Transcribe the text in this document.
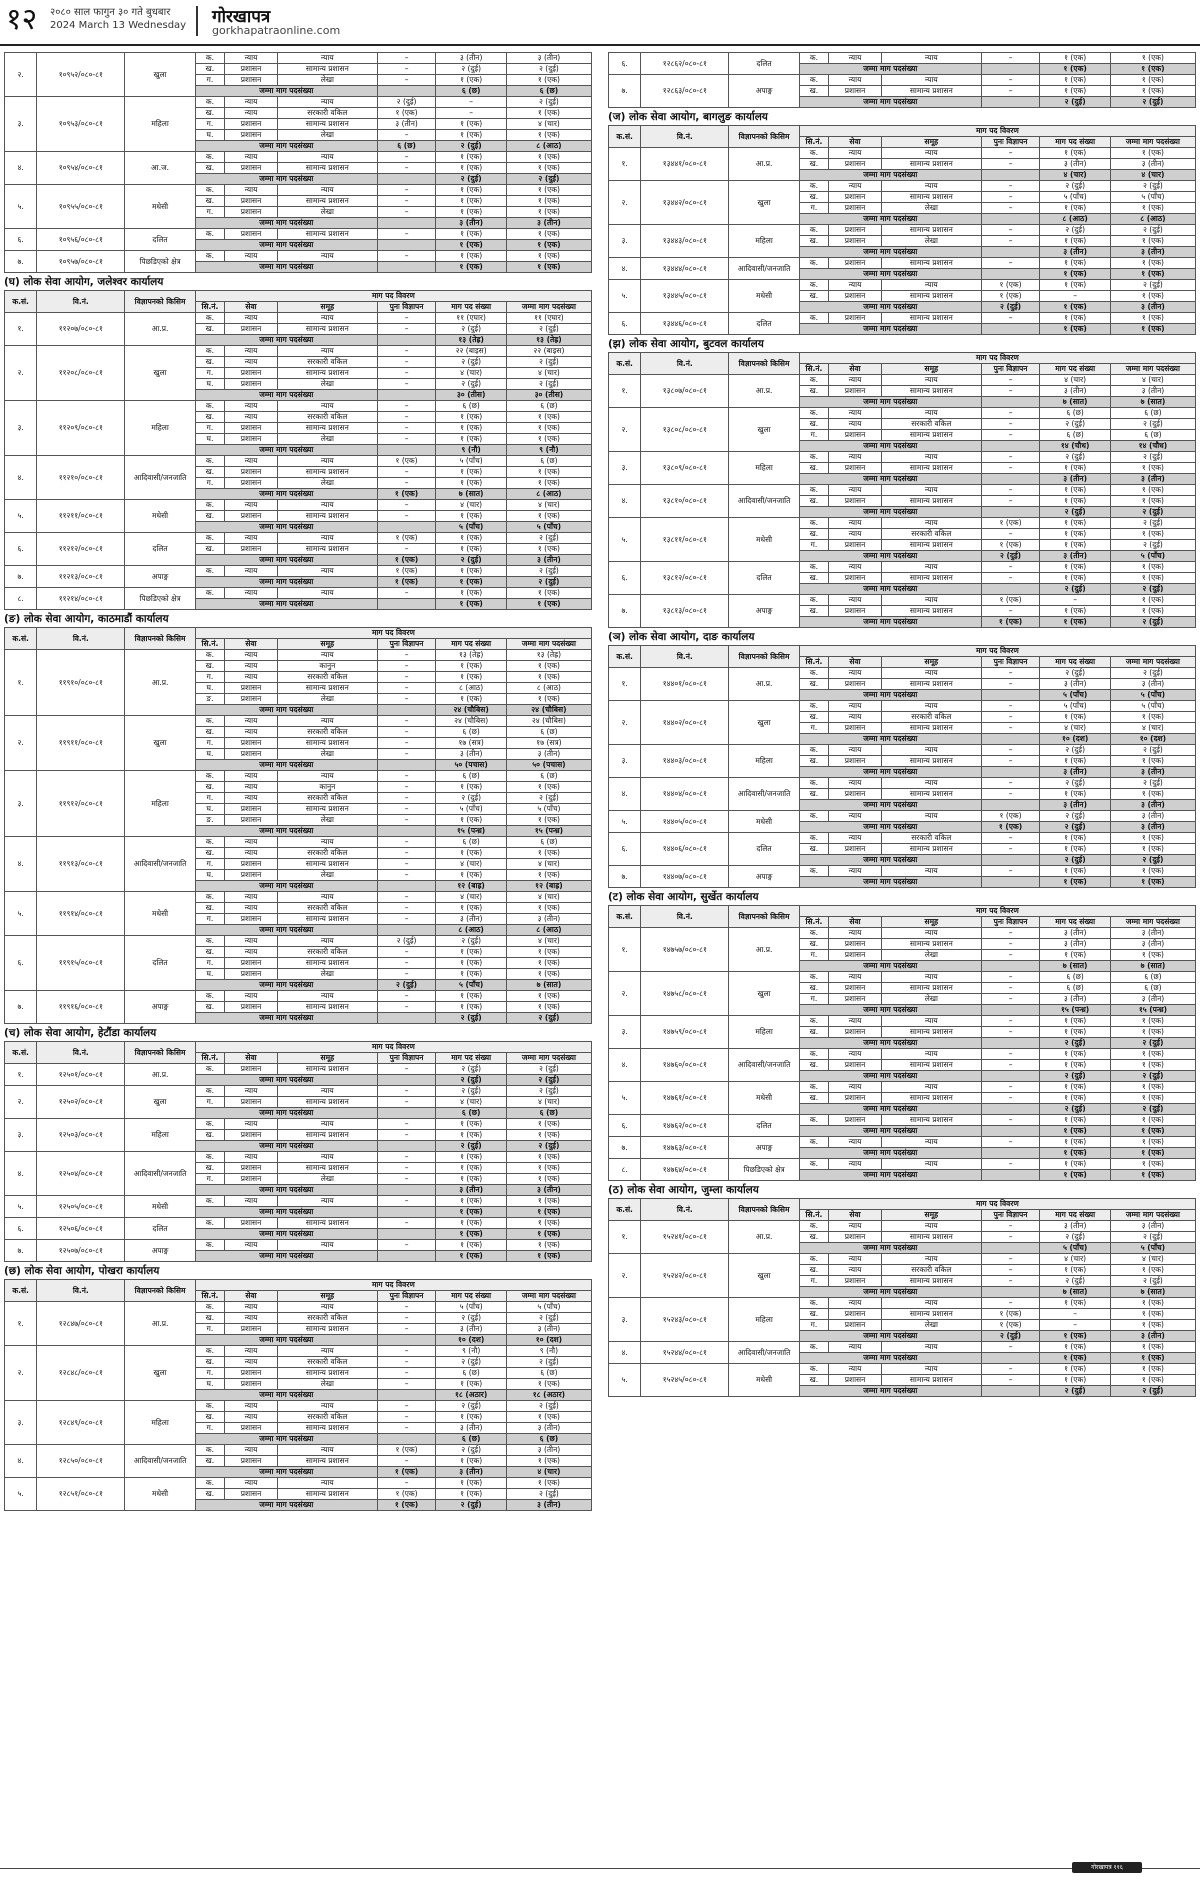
१२ २०८० साल फागुन ३० गते बुधबार
2024 March 13 Wednesday गोरखापत्र
gorkhapatraonline.com
२.	१०९५२/०८०-८१	खुला	क.	न्याय	न्याय	–	३ (तीन)	३ (तीन)
			ख.	प्रशासन	सामान्य प्रशासन	–	२ (दुई)	२ (दुई)
			ग.	प्रशासन	लेखा	–	१ (एक)	१ (एक)
			जम्मा माग पदसंख्या				६ (छ)	६ (छ)
३.	१०९५३/०८०-८१	महिला	क.	न्याय	न्याय	२ (दुई)	–	२ (दुई)
			ख.	न्याय	सरकारी वकिल	१ (एक)	–	१ (एक)
			ग.	प्रशासन	सामान्य प्रशासन	३ (तीन)	१ (एक)	४ (चार)
			घ.	प्रशासन	लेखा	–	१ (एक)	१ (एक)
			जम्मा माग पदसंख्या			६ (छ)	२ (दुई)	८ (आठ)
४.	१०९५४/०८०-८१	आ.ज.	क.	न्याय	न्याय	–	१ (एक)	१ (एक)
			ख.	प्रशासन	सामान्य प्रशासन	–	१ (एक)	१ (एक)
			जम्मा माग पदसंख्या				२ (दुई)	२ (दुई)
५.	१०९५५/०८०-८१	मधेसी	क.	न्याय	न्याय	–	१ (एक)	१ (एक)
			ख.	प्रशासन	सामान्य प्रशासन	–	१ (एक)	१ (एक)
			ग.	प्रशासन	लेखा	–	१ (एक)	१ (एक)
			जम्मा माग पदसंख्या				३ (तीन)	३ (तीन)
६.	१०९५६/०८०-८१	दलित	क.	प्रशासन	सामान्य प्रशासन	–	१ (एक)	१ (एक)
			जम्मा माग पदसंख्या				१ (एक)	१ (एक)
७.	१०९५७/०८०-८१	पिछडिएको क्षेत्र	क.	न्याय	न्याय	–	१ (एक)	१ (एक)
			जम्मा माग पदसंख्या				१ (एक)	१ (एक)
(घ) लोक सेवा आयोग, जलेश्वर कार्यालय
क.सं.	वि.नं.	विज्ञापनको किसिम	माग पद विवरण					
			सि.नं.	सेवा	समूह	पुनः विज्ञापन	माग पद संख्या	जम्मा माग पदसंख्या
१.	११२०७/०८०-८१	आ.प्र.	क.	न्याय	न्याय	–	११ (एघार)	११ (एघार)
			ख.	प्रशासन	सामान्य प्रशासन	–	२ (दुई)	२ (दुई)
			जम्मा माग पदसंख्या				१३ (तेह्र)	१३ (तेह्र)
२.	११२०८/०८०-८१	खुला	क.	न्याय	न्याय	–	२२ (बाइस)	२२ (बाइस)
			ख.	न्याय	सरकारी वकिल	–	२ (दुई)	२ (दुई)
			ग.	प्रशासन	सामान्य प्रशासन	–	४ (चार)	४ (चार)
			घ.	प्रशासन	लेखा	–	२ (दुई)	२ (दुई)
			जम्मा माग पदसंख्या				३० (तीस)	३० (तीस)
३.	११२०९/०८०-८१	महिला	क.	न्याय	न्याय	–	६ (छ)	६ (छ)
			ख.	न्याय	सरकारी वकिल	–	१ (एक)	१ (एक)
			ग.	प्रशासन	सामान्य प्रशासन	–	१ (एक)	१ (एक)
			घ.	प्रशासन	लेखा	–	१ (एक)	१ (एक)
			जम्मा माग पदसंख्या				९ (नौ)	९ (नौ)
४.	११२१०/०८०-८१	आदिवासी/जनजाति	क.	न्याय	न्याय	१ (एक)	५ (पाँच)	६ (छ)
			ख.	प्रशासन	सामान्य प्रशासन	–	१ (एक)	१ (एक)
			ग.	प्रशासन	लेखा	–	१ (एक)	१ (एक)
			जम्मा माग पदसंख्या			१ (एक)	७ (सात)	८ (आठ)
५.	११२११/०८०-८१	मधेसी	क.	न्याय	न्याय	–	४ (चार)	४ (चार)
			ख.	प्रशासन	सामान्य प्रशासन	–	१ (एक)	१ (एक)
			जम्मा माग पदसंख्या				५ (पाँच)	५ (पाँच)
६.	११२१२/०८०-८१	दलित	क.	न्याय	न्याय	१ (एक)	१ (एक)	२ (दुई)
			ख.	प्रशासन	सामान्य प्रशासन	–	१ (एक)	१ (एक)
			जम्मा माग पदसंख्या			१ (एक)	२ (दुई)	३ (तीन)
७.	११२१३/०८०-८१	अपाङ्ग	क.	न्याय	न्याय	१ (एक)	१ (एक)	२ (दुई)
			जम्मा माग पदसंख्या			१ (एक)	१ (एक)	२ (दुई)
८.	११२१४/०८०-८१	पिछडिएको क्षेत्र	क.	न्याय	न्याय	–	१ (एक)	१ (एक)
			जम्मा माग पदसंख्या				१ (एक)	१ (एक)
(ङ) लोक सेवा आयोग, काठमाडौं कार्यालय
क.सं.	वि.नं.	विज्ञापनको किसिम	माग पद विवरण					
			सि.नं.	सेवा	समूह	पुनः विज्ञापन	माग पद संख्या	जम्मा माग पदसंख्या
१.	११९१०/०८०-८१	आ.प्र.	क.	न्याय	न्याय	–	१३ (तेह्र)	१३ (तेह्र)
			ख.	न्याय	कानुन	–	१ (एक)	१ (एक)
			ग.	न्याय	सरकारी वकिल	–	१ (एक)	१ (एक)
			घ.	प्रशासन	सामान्य प्रशासन	–	८ (आठ)	८ (आठ)
			ङ.	प्रशासन	लेखा	–	१ (एक)	१ (एक)
			जम्मा माग पदसंख्या				२४ (चौबिस)	२४ (चौबिस)
२.	११९११/०८०-८१	खुला	क.	न्याय	न्याय	–	२४ (चौबिस)	२४ (चौबिस)
			ख.	न्याय	सरकारी वकिल	–	६ (छ)	६ (छ)
			ग.	प्रशासन	सामान्य प्रशासन	–	१७ (सत्र)	१७ (सत्र)
			घ.	प्रशासन	लेखा	–	३ (तीन)	३ (तीन)
			जम्मा माग पदसंख्या				५० (पचास)	५० (पचास)
३.	११९१२/०८०-८१	महिला	क.	न्याय	न्याय	–	६ (छ)	६ (छ)
			ख.	न्याय	कानुन	–	१ (एक)	१ (एक)
			ग.	न्याय	सरकारी वकिल	–	२ (दुई)	२ (दुई)
			घ.	प्रशासन	सामान्य प्रशासन	–	५ (पाँच)	५ (पाँच)
			ङ.	प्रशासन	लेखा	–	१ (एक)	१ (एक)
			जम्मा माग पदसंख्या				१५ (पन्ध्र)	१५ (पन्ध्र)
४.	११९१३/०८०-८१	आदिवासी/जनजाति	क.	न्याय	न्याय	–	६ (छ)	६ (छ)
			ख.	न्याय	सरकारी वकिल	–	१ (एक)	१ (एक)
			ग.	प्रशासन	सामान्य प्रशासन	–	४ (चार)	४ (चार)
			घ.	प्रशासन	लेखा	–	१ (एक)	१ (एक)
			जम्मा माग पदसंख्या				१२ (बाह्र)	१२ (बाह्र)
५.	११९१४/०८०-८१	मधेसी	क.	न्याय	न्याय	–	४ (चार)	४ (चार)
			ख.	न्याय	सरकारी वकिल	–	१ (एक)	१ (एक)
			ग.	प्रशासन	सामान्य प्रशासन	–	३ (तीन)	३ (तीन)
			जम्मा माग पदसंख्या				८ (आठ)	८ (आठ)
६.	११९१५/०८०-८१	दलित	क.	न्याय	न्याय	२ (दुई)	२ (दुई)	४ (चार)
			ख.	न्याय	सरकारी वकिल	–	१ (एक)	१ (एक)
			ग.	प्रशासन	सामान्य प्रशासन	–	१ (एक)	१ (एक)
			घ.	प्रशासन	लेखा	–	१ (एक)	१ (एक)
			जम्मा माग पदसंख्या			२ (दुई)	५ (पाँच)	७ (सात)
७.	११९१६/०८०-८१	अपाङ्ग	क.	न्याय	न्याय	–	१ (एक)	१ (एक)
			ख.	प्रशासन	सामान्य प्रशासन	–	१ (एक)	१ (एक)
			जम्मा माग पदसंख्या				२ (दुई)	२ (दुई)
(च) लोक सेवा आयोग, हेटौंडा कार्यालय
क.सं.	वि.नं.	विज्ञापनको किसिम	माग पद विवरण					
			सि.नं.	सेवा	समूह	पुनः विज्ञापन	माग पद संख्या	जम्मा माग पदसंख्या
१.	१२५०१/०८०-८१	आ.प्र.	क.	प्रशासन	सामान्य प्रशासन	–	२ (दुई)	२ (दुई)
			जम्मा माग पदसंख्या				२ (दुई)	२ (दुई)
२.	१२५०२/०८०-८१	खुला	क.	न्याय	न्याय	–	२ (दुई)	२ (दुई)
			ग.	प्रशासन	सामान्य प्रशासन	–	४ (चार)	४ (चार)
			जम्मा माग पदसंख्या				६ (छ)	६ (छ)
३.	१२५०३/०८०-८१	महिला	क.	न्याय	न्याय	–	१ (एक)	१ (एक)
			ख.	प्रशासन	सामान्य प्रशासन	–	१ (एक)	१ (एक)
			जम्मा माग पदसंख्या				२ (दुई)	२ (दुई)
४.	१२५०४/०८०-८१	आदिवासी/जनजाति	क.	न्याय	न्याय	–	१ (एक)	१ (एक)
			ख.	प्रशासन	सामान्य प्रशासन	–	१ (एक)	१ (एक)
			ग.	प्रशासन	लेखा	–	१ (एक)	१ (एक)
			जम्मा माग पदसंख्या				३ (तीन)	३ (तीन)
५.	१२५०५/०८०-८१	मधेसी	क.	न्याय	न्याय	–	१ (एक)	१ (एक)
			जम्मा माग पदसंख्या				१ (एक)	१ (एक)
६.	१२५०६/०८०-८१	दलित	क.	प्रशासन	सामान्य प्रशासन	–	१ (एक)	१ (एक)
			जम्मा माग पदसंख्या				१ (एक)	१ (एक)
७.	१२५०७/०८०-८१	अपाङ्ग	क.	न्याय	न्याय	–	१ (एक)	१ (एक)
			जम्मा माग पदसंख्या				१ (एक)	१ (एक)
(छ) लोक सेवा आयोग, पोखरा कार्यालय
क.सं.	वि.नं.	विज्ञापनको किसिम	माग पद विवरण					
			सि.नं.	सेवा	समूह	पुनः विज्ञापन	माग पद संख्या	जम्मा माग पदसंख्या
१.	१२८४७/०८०-८१	आ.प्र.	क.	न्याय	न्याय	–	५ (पाँच)	५ (पाँच)
			ख.	न्याय	सरकारी वकिल	–	२ (दुई)	२ (दुई)
			ग.	प्रशासन	सामान्य प्रशासन	–	३ (तीन)	३ (तीन)
			जम्मा माग पदसंख्या				१० (दश)	१० (दश)
२.	१२८४८/०८०-८१	खुला	क.	न्याय	न्याय	–	९ (नौ)	९ (नौ)
			ख.	न्याय	सरकारी वकिल	–	२ (दुई)	२ (दुई)
			ग.	प्रशासन	सामान्य प्रशासन	–	६ (छ)	६ (छ)
			घ.	प्रशासन	लेखा	–	१ (एक)	१ (एक)
			जम्मा माग पदसंख्या				१८ (अठार)	१८ (अठार)
३.	१२८४९/०८०-८१	महिला	क.	न्याय	न्याय	–	२ (दुई)	२ (दुई)
			ख.	न्याय	सरकारी वकिल	–	१ (एक)	१ (एक)
			ग.	प्रशासन	सामान्य प्रशासन	–	३ (तीन)	३ (तीन)
			जम्मा माग पदसंख्या				६ (छ)	६ (छ)
४.	१२८५०/०८०-८१	आदिवासी/जनजाति	क.	न्याय	न्याय	१ (एक)	२ (दुई)	३ (तीन)
			ख.	प्रशासन	सामान्य प्रशासन	–	१ (एक)	१ (एक)
			जम्मा माग पदसंख्या			१ (एक)	३ (तीन)	४ (चार)
५.	१२८५१/०८०-८१	मधेसी	क.	न्याय	न्याय	–	१ (एक)	१ (एक)
			ख.	प्रशासन	सामान्य प्रशासन	१ (एक)	१ (एक)	२ (दुई)
			जम्मा माग पदसंख्या			१ (एक)	२ (दुई)	३ (तीन)
६.	१२८६२/०८०-८१	दलित	क.	न्याय	न्याय	–	१ (एक)	१ (एक)
			जम्मा माग पदसंख्या				१ (एक)	१ (एक)
७.	१२८६३/०८०-८१	अपाङ्ग	क.	न्याय	न्याय	–	१ (एक)	१ (एक)
			ख.	प्रशासन	सामान्य प्रशासन	–	१ (एक)	१ (एक)
			जम्मा माग पदसंख्या				२ (दुई)	२ (दुई)
(ज) लोक सेवा आयोग, बागलुङ कार्यालय
क.सं.	वि.नं.	विज्ञापनको किसिम	माग पद विवरण					
			सि.नं.	सेवा	समूह	पुनः विज्ञापन	माग पद संख्या	जम्मा माग पदसंख्या
१.	१३४४१/०८०-८१	आ.प्र.	क.	न्याय	न्याय	–	१ (एक)	१ (एक)
			ख.	प्रशासन	सामान्य प्रशासन	–	३ (तीन)	३ (तीन)
			जम्मा माग पदसंख्या				४ (चार)	४ (चार)
२.	१३४४२/०८०-८१	खुला	क.	न्याय	न्याय	–	२ (दुई)	२ (दुई)
			ख.	प्रशासन	सामान्य प्रशासन	–	५ (पाँच)	५ (पाँच)
			ग.	प्रशासन	लेखा	–	१ (एक)	१ (एक)
			जम्मा माग पदसंख्या				८ (आठ)	८ (आठ)
३.	१३४४३/०८०-८१	महिला	क.	प्रशासन	सामान्य प्रशासन	–	२ (दुई)	२ (दुई)
			ख.	प्रशासन	लेखा	–	१ (एक)	१ (एक)
			जम्मा माग पदसंख्या				३ (तीन)	३ (तीन)
४.	१३४४४/०८०-८१	आदिवासी/जनजाति	क.	प्रशासन	सामान्य प्रशासन	–	१ (एक)	१ (एक)
			जम्मा माग पदसंख्या				१ (एक)	१ (एक)
५.	१३४४५/०८०-८१	मधेसी	क.	न्याय	न्याय	१ (एक)	१ (एक)	२ (दुई)
			ख.	प्रशासन	सामान्य प्रशासन	१ (एक)	–	१ (एक)
			जम्मा माग पदसंख्या			२ (दुई)	१ (एक)	३ (तीन)
६.	१३४४६/०८०-८१	दलित	क.	प्रशासन	सामान्य प्रशासन	–	१ (एक)	१ (एक)
			जम्मा माग पदसंख्या				१ (एक)	१ (एक)
(झ) लोक सेवा आयोग, बुटवल कार्यालय
क.सं.	वि.नं.	विज्ञापनको किसिम	माग पद विवरण					
			सि.नं.	सेवा	समूह	पुनः विज्ञापन	माग पद संख्या	जम्मा माग पदसंख्या
१.	१३८०७/०८०-८१	आ.प्र.	क.	न्याय	न्याय	–	४ (चार)	४ (चार)
			ख.	प्रशासन	सामान्य प्रशासन	–	३ (तीन)	३ (तीन)
			जम्मा माग पदसंख्या				७ (सात)	७ (सात)
२.	१३८०८/०८०-८१	खुला	क.	न्याय	न्याय	–	६ (छ)	६ (छ)
			ख.	न्याय	सरकारी वकिल	–	२ (दुई)	२ (दुई)
			ग.	प्रशासन	सामान्य प्रशासन	–	६ (छ)	६ (छ)
			जम्मा माग पदसंख्या				१४ (चौध)	१४ (चौध)
३.	१३८०९/०८०-८१	महिला	क.	न्याय	न्याय	–	२ (दुई)	२ (दुई)
			ख.	प्रशासन	सामान्य प्रशासन	–	१ (एक)	१ (एक)
			जम्मा माग पदसंख्या				३ (तीन)	३ (तीन)
४.	१३८१०/०८०-८१	आदिवासी/जनजाति	क.	न्याय	न्याय	–	१ (एक)	१ (एक)
			ख.	प्रशासन	सामान्य प्रशासन	–	१ (एक)	१ (एक)
			जम्मा माग पदसंख्या				२ (दुई)	२ (दुई)
५.	१३८११/०८०-८१	मधेसी	क.	न्याय	न्याय	१ (एक)	१ (एक)	२ (दुई)
			ख.	न्याय	सरकारी वकिल	–	१ (एक)	१ (एक)
			ग.	प्रशासन	सामान्य प्रशासन	१ (एक)	१ (एक)	२ (दुई)
			जम्मा माग पदसंख्या			२ (दुई)	३ (तीन)	५ (पाँच)
६.	१३८१२/०८०-८१	दलित	क.	न्याय	न्याय	–	१ (एक)	१ (एक)
			ख.	प्रशासन	सामान्य प्रशासन	–	१ (एक)	१ (एक)
			जम्मा माग पदसंख्या				२ (दुई)	२ (दुई)
७.	१३८१३/०८०-८१	अपाङ्ग	क.	न्याय	न्याय	१ (एक)	–	१ (एक)
			ख.	प्रशासन	सामान्य प्रशासन	–	१ (एक)	१ (एक)
			जम्मा माग पदसंख्या			१ (एक)	१ (एक)	२ (दुई)
(ञ) लोक सेवा आयोग, दाङ कार्यालय
क.सं.	वि.नं.	विज्ञापनको किसिम	माग पद विवरण					
			सि.नं.	सेवा	समूह	पुनः विज्ञापन	माग पद संख्या	जम्मा माग पदसंख्या
१.	१४४०१/०८०-८१	आ.प्र.	क.	न्याय	न्याय	–	२ (दुई)	२ (दुई)
			ख.	प्रशासन	सामान्य प्रशासन	–	३ (तीन)	३ (तीन)
			जम्मा माग पदसंख्या				५ (पाँच)	५ (पाँच)
२.	१४४०२/०८०-८१	खुला	क.	न्याय	न्याय	–	५ (पाँच)	५ (पाँच)
			ख.	न्याय	सरकारी वकिल	–	१ (एक)	१ (एक)
			ग.	प्रशासन	सामान्य प्रशासन	–	४ (चार)	४ (चार)
			जम्मा माग पदसंख्या				१० (दश)	१० (दश)
३.	१४४०३/०८०-८१	महिला	क.	न्याय	न्याय	–	२ (दुई)	२ (दुई)
			ख.	प्रशासन	सामान्य प्रशासन	–	१ (एक)	१ (एक)
			जम्मा माग पदसंख्या				३ (तीन)	३ (तीन)
४.	१४४०४/०८०-८१	आदिवासी/जनजाति	क.	न्याय	न्याय	–	२ (दुई)	२ (दुई)
			ख.	प्रशासन	सामान्य प्रशासन	–	१ (एक)	१ (एक)
			जम्मा माग पदसंख्या				३ (तीन)	३ (तीन)
५.	१४४०५/०८०-८१	मधेसी	क.	न्याय	न्याय	१ (एक)	२ (दुई)	३ (तीन)
			जम्मा माग पदसंख्या			१ (एक)	२ (दुई)	३ (तीन)
६.	१४४०६/०८०-८१	दलित	क.	न्याय	सरकारी वकिल	–	१ (एक)	१ (एक)
			ख.	प्रशासन	सामान्य प्रशासन	–	१ (एक)	१ (एक)
			जम्मा माग पदसंख्या				२ (दुई)	२ (दुई)
७.	१४४०७/०८०-८१	अपाङ्ग	क.	न्याय	न्याय	–	१ (एक)	१ (एक)
			जम्मा माग पदसंख्या				१ (एक)	१ (एक)
(ट) लोक सेवा आयोग, सुर्खेत कार्यालय
क.सं.	वि.नं.	विज्ञापनको किसिम	माग पद विवरण					
			सि.नं.	सेवा	समूह	पुनः विज्ञापन	माग पद संख्या	जम्मा माग पदसंख्या
१.	१४७५७/०८०-८१	आ.प्र.	क.	न्याय	न्याय	–	३ (तीन)	३ (तीन)
			ख.	प्रशासन	सामान्य प्रशासन	–	३ (तीन)	३ (तीन)
			ग.	प्रशासन	लेखा	–	१ (एक)	१ (एक)
			जम्मा माग पदसंख्या				७ (सात)	७ (सात)
२.	१४७५८/०८०-८१	खुला	क.	न्याय	न्याय	–	६ (छ)	६ (छ)
			ख.	प्रशासन	सामान्य प्रशासन	–	६ (छ)	६ (छ)
			ग.	प्रशासन	लेखा	–	३ (तीन)	३ (तीन)
			जम्मा माग पदसंख्या				१५ (पन्ध्र)	१५ (पन्ध्र)
३.	१४७५९/०८०-८१	महिला	क.	न्याय	न्याय	–	१ (एक)	१ (एक)
			ख.	प्रशासन	सामान्य प्रशासन	–	१ (एक)	१ (एक)
			जम्मा माग पदसंख्या				२ (दुई)	२ (दुई)
४.	१४७६०/०८०-८१	आदिवासी/जनजाति	क.	न्याय	न्याय	–	१ (एक)	१ (एक)
			ख.	प्रशासन	सामान्य प्रशासन	–	१ (एक)	१ (एक)
			जम्मा माग पदसंख्या				२ (दुई)	२ (दुई)
५.	१४७६१/०८०-८१	मधेसी	क.	न्याय	न्याय	–	१ (एक)	१ (एक)
			ख.	प्रशासन	सामान्य प्रशासन	–	१ (एक)	१ (एक)
			जम्मा माग पदसंख्या				२ (दुई)	२ (दुई)
६.	१४७६२/०८०-८१	दलित	क.	प्रशासन	सामान्य प्रशासन	–	१ (एक)	१ (एक)
			जम्मा माग पदसंख्या				१ (एक)	१ (एक)
७.	१४७६३/०८०-८१	अपाङ्ग	क.	न्याय	न्याय	–	१ (एक)	१ (एक)
			जम्मा माग पदसंख्या				१ (एक)	१ (एक)
८.	१४७६४/०८०-८१	पिछडिएको क्षेत्र	क.	न्याय	न्याय	–	१ (एक)	१ (एक)
			जम्मा माग पदसंख्या				१ (एक)	१ (एक)
(ठ) लोक सेवा आयोग, जुम्ला कार्यालय
क.सं.	वि.नं.	विज्ञापनको किसिम	माग पद विवरण					
			सि.नं.	सेवा	समूह	पुनः विज्ञापन	माग पद संख्या	जम्मा माग पदसंख्या
१.	१५२४१/०८०-८१	आ.प्र.	क.	न्याय	न्याय	–	३ (तीन)	३ (तीन)
			ख.	प्रशासन	सामान्य प्रशासन	–	२ (दुई)	२ (दुई)
			जम्मा माग पदसंख्या				५ (पाँच)	५ (पाँच)
२.	१५२४२/०८०-८१	खुला	क.	न्याय	न्याय	–	४ (चार)	४ (चार)
			ख.	न्याय	सरकारी वकिल	–	१ (एक)	१ (एक)
			ग.	प्रशासन	सामान्य प्रशासन	–	२ (दुई)	२ (दुई)
			जम्मा माग पदसंख्या				७ (सात)	७ (सात)
३.	१५२४३/०८०-८१	महिला	क.	न्याय	न्याय	–	१ (एक)	१ (एक)
			ख.	प्रशासन	सामान्य प्रशासन	१ (एक)	–	१ (एक)
			ग.	प्रशासन	लेखा	१ (एक)	–	१ (एक)
			जम्मा माग पदसंख्या			२ (दुई)	१ (एक)	३ (तीन)
४.	१५२४४/०८०-८१	आदिवासी/जनजाति	क.	न्याय	न्याय	–	१ (एक)	१ (एक)
			जम्मा माग पदसंख्या				१ (एक)	१ (एक)
५.	१५२४५/०८०-८१	मधेसी	क.	न्याय	न्याय	–	१ (एक)	१ (एक)
			ख.	प्रशासन	सामान्य प्रशासन	–	१ (एक)	१ (एक)
			जम्मा माग पदसंख्या				२ (दुई)	२ (दुई)
गोरखापत्र ११६
